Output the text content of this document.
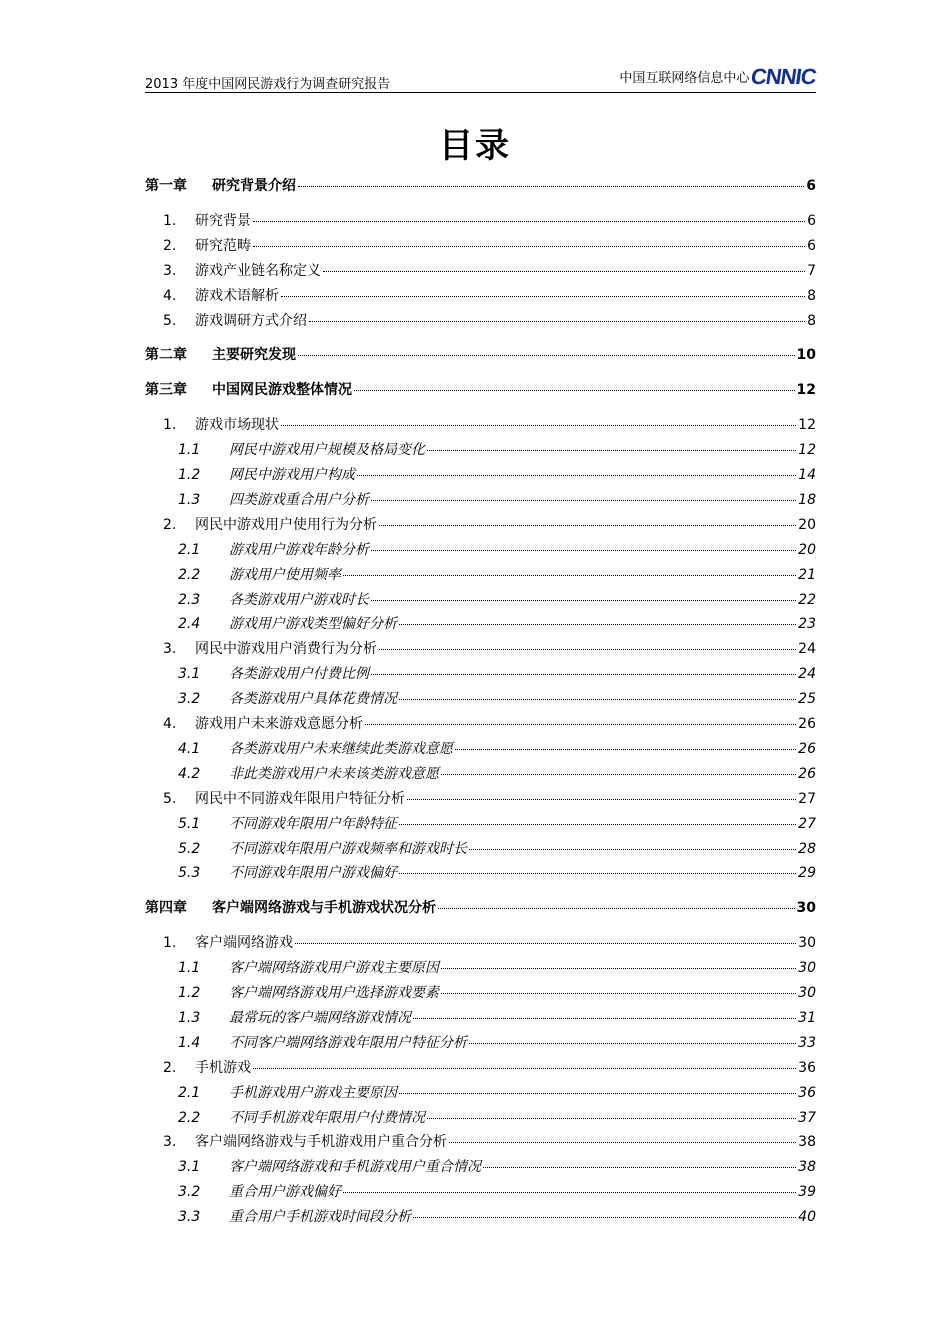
2013 年度中国网民游戏行为调查研究报告	中国互联网络信息中心 CNNIC
目录
第一章	研究背景介绍	6
1.	研究背景	6
2.	研究范畴	6
3.	游戏产业链名称定义	7
4.	游戏术语解析	8
5.	游戏调研方式介绍	8
第二章	主要研究发现	10
第三章	中国网民游戏整体情况	12
1.	游戏市场现状	12
1.1	网民中游戏用户规模及格局变化	12
1.2	网民中游戏用户构成	14
1.3	四类游戏重合用户分析	18
2.	网民中游戏用户使用行为分析	20
2.1	游戏用户游戏年龄分析	20
2.2	游戏用户使用频率	21
2.3	各类游戏用户游戏时长	22
2.4	游戏用户游戏类型偏好分析	23
3.	网民中游戏用户消费行为分析	24
3.1	各类游戏用户付费比例	24
3.2	各类游戏用户具体花费情况	25
4.	游戏用户未来游戏意愿分析	26
4.1	各类游戏用户未来继续此类游戏意愿	26
4.2	非此类游戏用户未来该类游戏意愿	26
5.	网民中不同游戏年限用户特征分析	27
5.1	不同游戏年限用户年龄特征	27
5.2	不同游戏年限用户游戏频率和游戏时长	28
5.3	不同游戏年限用户游戏偏好	29
第四章	客户端网络游戏与手机游戏状况分析	30
1.	客户端网络游戏	30
1.1	客户端网络游戏用户游戏主要原因	30
1.2	客户端网络游戏用户选择游戏要素	30
1.3	最常玩的客户端网络游戏情况	31
1.4	不同客户端网络游戏年限用户特征分析	33
2.	手机游戏	36
2.1	手机游戏用户游戏主要原因	36
2.2	不同手机游戏年限用户付费情况	37
3.	客户端网络游戏与手机游戏用户重合分析	38
3.1	客户端网络游戏和手机游戏用户重合情况	38
3.2	重合用户游戏偏好	39
3.3	重合用户手机游戏时间段分析	40
